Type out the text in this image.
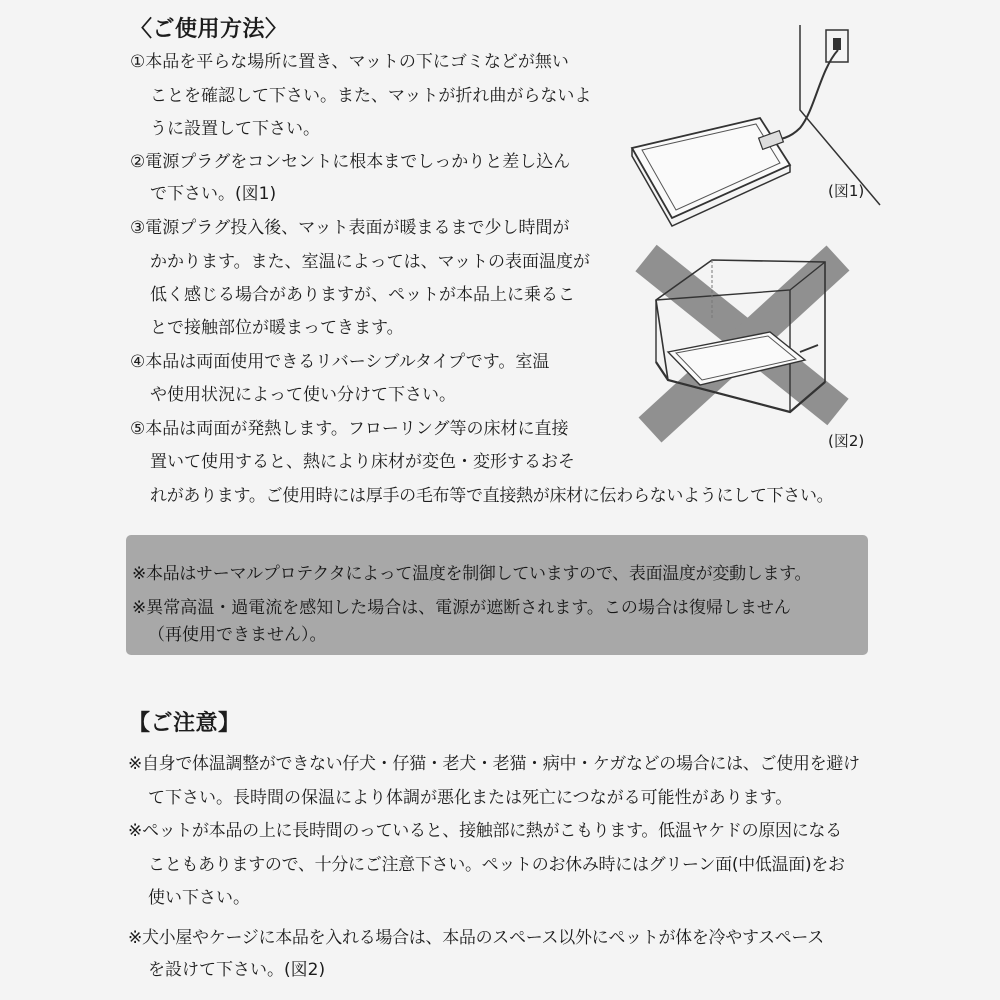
〈ご使用方法〉
①本品を平らな場所に置き、マットの下にゴミなどが無い
ことを確認して下さい。また、マットが折れ曲がらないよ
うに設置して下さい。
②電源プラグをコンセントに根本までしっかりと差し込ん
で下さい。(図1)
③電源プラグ投入後、マット表面が暖まるまで少し時間が
かかります。また、室温によっては、マットの表面温度が
低く感じる場合がありますが、ペットが本品上に乗るこ
とで接触部位が暖まってきます。
④本品は両面使用できるリバーシブルタイプです。室温
や使用状況によって使い分けて下さい。
⑤本品は両面が発熱します。フローリング等の床材に直接
置いて使用すると、熱により床材が変色・変形するおそ
れがあります。ご使用時には厚手の毛布等で直接熱が床材に伝わらないようにして下さい。
(図1)
(図2)
※本品はサーマルプロテクタによって温度を制御していますので、表面温度が変動します。
※異常高温・過電流を感知した場合は、電源が遮断されます。この場合は復帰しません
（再使用できません）。
【ご注意】
※自身で体温調整ができない仔犬・仔猫・老犬・老猫・病中・ケガなどの場合には、ご使用を避け
て下さい。長時間の保温により体調が悪化または死亡につながる可能性があります。
※ペットが本品の上に長時間のっていると、接触部に熱がこもります。低温ヤケドの原因になる
こともありますので、十分にご注意下さい。ペットのお休み時にはグリーン面(中低温面)をお
使い下さい。
※犬小屋やケージに本品を入れる場合は、本品のスペース以外にペットが体を冷やすスペース
を設けて下さい。(図2)
